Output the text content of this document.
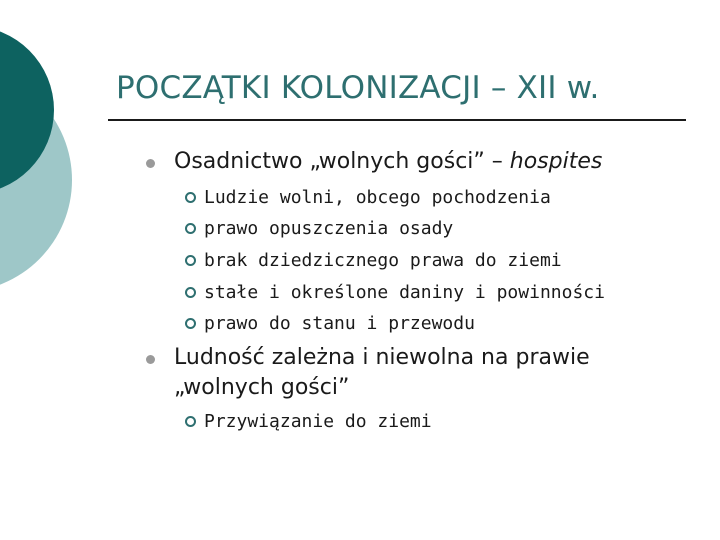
POCZĄTKI KOLONIZACJI – XII w.
Osadnictwo „wolnych gości” – hospites
Ludzie wolni, obcego pochodzenia
prawo opuszczenia osady
brak dziedzicznego prawa do ziemi
stałe i określone daniny i powinności
prawo do stanu i przewodu
Ludność zależna i niewolna na prawie „wolnych gości”
Przywiązanie do ziemi
